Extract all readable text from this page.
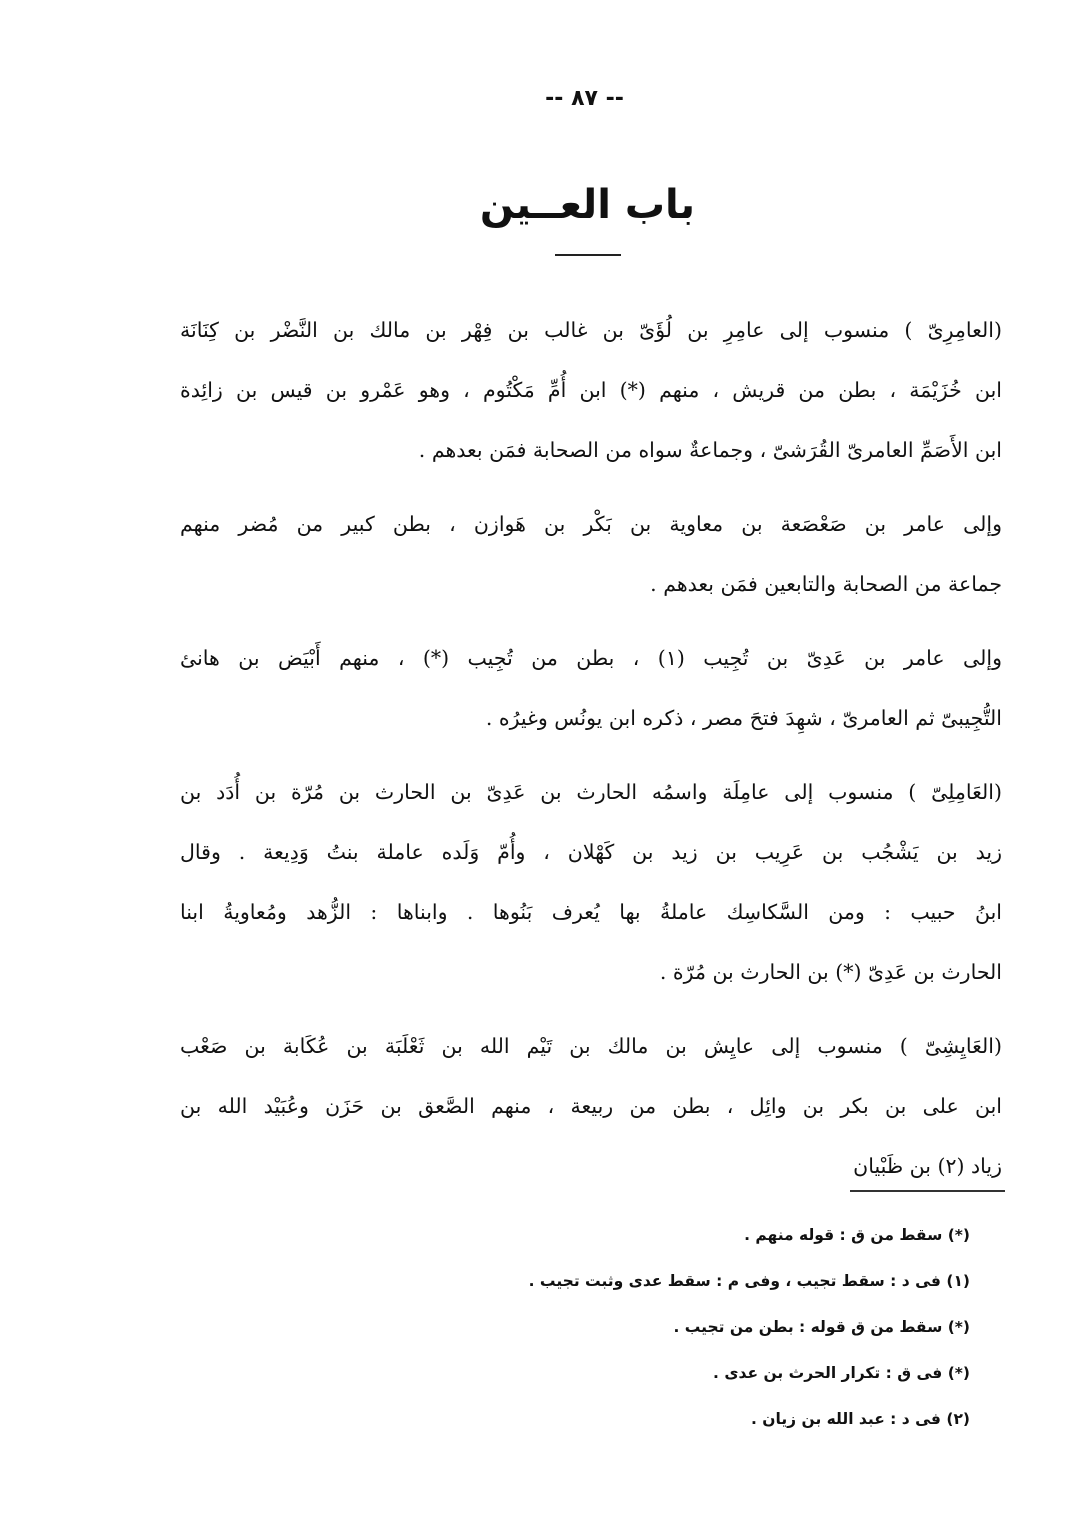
-- ٨٧ --
باب العــين
(العامِرِىّ ) منسوب إلى عامِرِ بن لُؤَىّ بن غالب بن فِهْر بن مالك بن النَّضْر بن كِنَانَة
ابن خُزَيْمَة ، بطن من قريش ، منهم (*) ابن أُمِّ مَكْتُوم ، وهو عَمْرو بن قيس بن زائِدة
ابن الأَصَمِّ العامرىّ القُرَشىّ ، وجماعةٌ سواه من الصحابة فمَن بعدهم .
وإلى عامر بن صَعْصَعة بن معاوية بن بَكْر بن هَوازن ، بطن كبير من مُضر منهم
جماعة من الصحابة والتابعين فمَن بعدهم .
وإلى عامر بن عَدِىّ بن تُجِيب (١) ، بطن من تُجِيب (*) ، منهم أَبْيَض بن هانئ
التُّجِيبىّ ثم العامرىّ ، شهِدَ فتحَ مصر ، ذكره ابن يونُس وغيرُه .
(العَامِلِىّ ) منسوب إلى عامِلَة واسمُه الحارث بن عَدِىّ بن الحارث بن مُرّة بن أُدَد بن
زيد بن يَشْجُب بن عَرِيب بن زيد بن كَهْلان ، وأُمّ وَلَده عاملة بنتُ وَدِيعة . وقال
ابنُ حبيب : ومن السَّكاسِك عاملةُ بها يُعرف بَنُوها . وابناها : الزُّهد ومُعاويةُ ابنا
الحارث بن عَدِىّ (*) بن الحارث بن مُرّة .
(العَايِشِىّ ) منسوب إلى عايِش بن مالك بن تَيْم الله بن ثَعْلَبَة بن عُكَابة بن صَعْب
ابن على بن بكر بن وائِل ، بطن من ربيعة ، منهم الصَّعق بن حَزَن وعُبَيْد الله بن
زياد (٢) بن ظَبْيان
(*) سقط من ق : قوله منهم .
(١) فى د : سقط تجيب ، وفى م : سقط عدى وثبت تجيب .
(*) سقط من ق قوله : بطن من تجيب .
(*) فى ق : تكرار الحرث بن عدى .
(٢) فى د : عبد الله بن زيان .
